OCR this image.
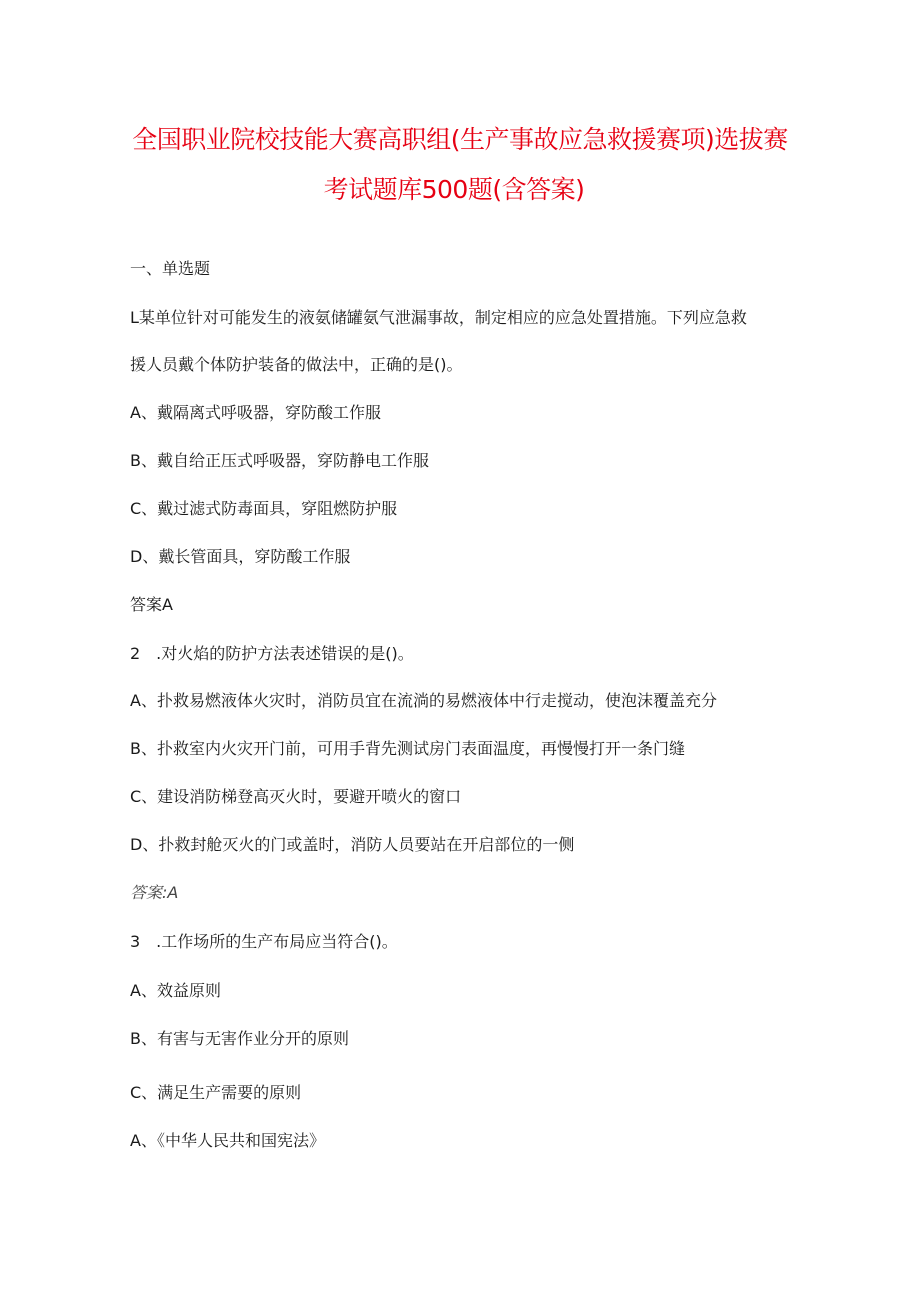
全国职业院校技能大赛高职组(生产事故应急救援赛项)选拔赛
考试题库500题(含答案)
一、单选题
L某单位针对可能发生的液氨储罐氨气泄漏事故，制定相应的应急处置措施。下列应急救
援人员戴个体防护装备的做法中，正确的是()。
A、戴隔离式呼吸器，穿防酸工作服
B、戴自给正压式呼吸器，穿防静电工作服
C、戴过滤式防毒面具，穿阻燃防护服
D、戴长管面具，穿防酸工作服
答案A
2　.对火焰的防护方法表述错误的是()。
A、扑救易燃液体火灾时，消防员宜在流淌的易燃液体中行走搅动，使泡沫覆盖充分
B、扑救室内火灾开门前，可用手背先测试房门表面温度，再慢慢打开一条门缝
C、建设消防梯登高灭火时，要避开喷火的窗口
D、扑救封舱灭火的门或盖时，消防人员要站在开启部位的一侧
答案:A
3　.工作场所的生产布局应当符合()。
A、效益原则
B、有害与无害作业分开的原则
C、满足生产需要的原则
A、《中华人民共和国宪法》
